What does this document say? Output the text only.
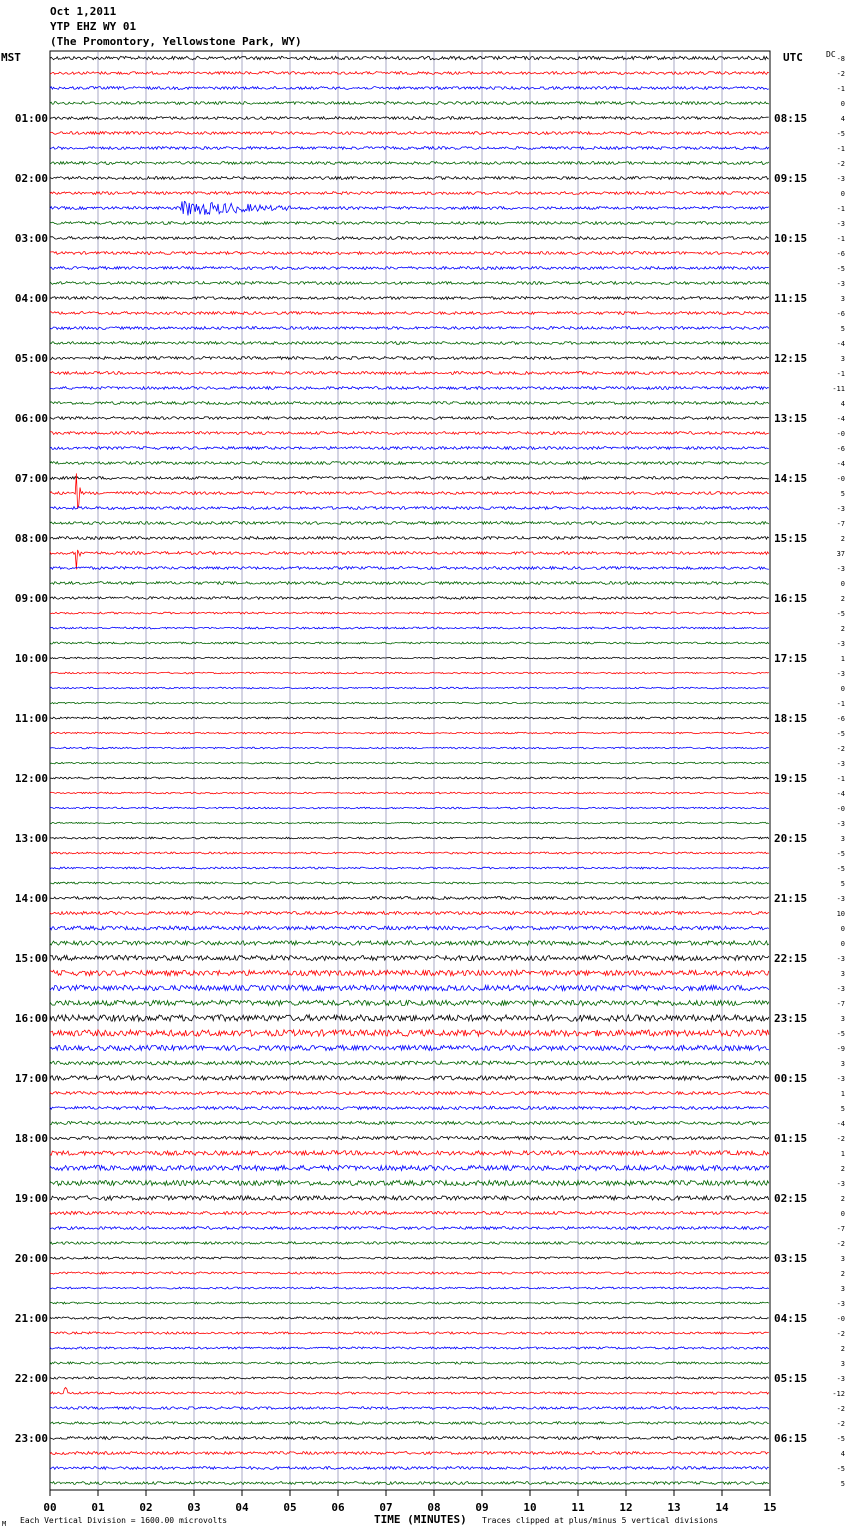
Oct 1,2011
YTP EHZ WY 01
(The Promontory, Yellowstone Park, WY)
00	01	02	03	04	05	06	07	08	09	10	11	12	13	14	15
-8
-2
-1
0
4
-5
-1
-2
-3
0
-1
-3
-1
-6
-5
-3
3
-6
5
-4
3
-1
-11
4
-4
-0
-6
-4
-0
5
-3
-7
2
37
-3
0
2
-5
2
-3
1
-3
0
-1
-6
-5
-2
-3
-1
-4
-0
-3
3
-5
-5
5
-3
10
0
0
-3
3
-3
-7
3
-5
-9
3
-3
1
5
-4
-2
1
2
-3
2
0
-7
-2
3
2
3
-3
-0
-2
2
3
-3
-12
-2
-2
-5
4
-5
5
01:00
02:00
03:00
04:00
05:00
06:00
07:00
08:00
09:00
10:00
11:00
12:00
13:00
14:00
15:00
16:00
17:00
18:00
19:00
20:00
21:00
22:00
23:00
08:15
09:15
10:15
11:15
12:15
13:15
14:15
15:15
16:15
17:15
18:15
19:15
20:15
21:15
22:15
23:15
00:15
01:15
02:15
03:15
04:15
05:15
06:15
MST	UTC	DC
M Each Vertical Division = 1600.00 microvolts	TIME (MINUTES) Traces clipped at plus/minus 5 vertical divisions
